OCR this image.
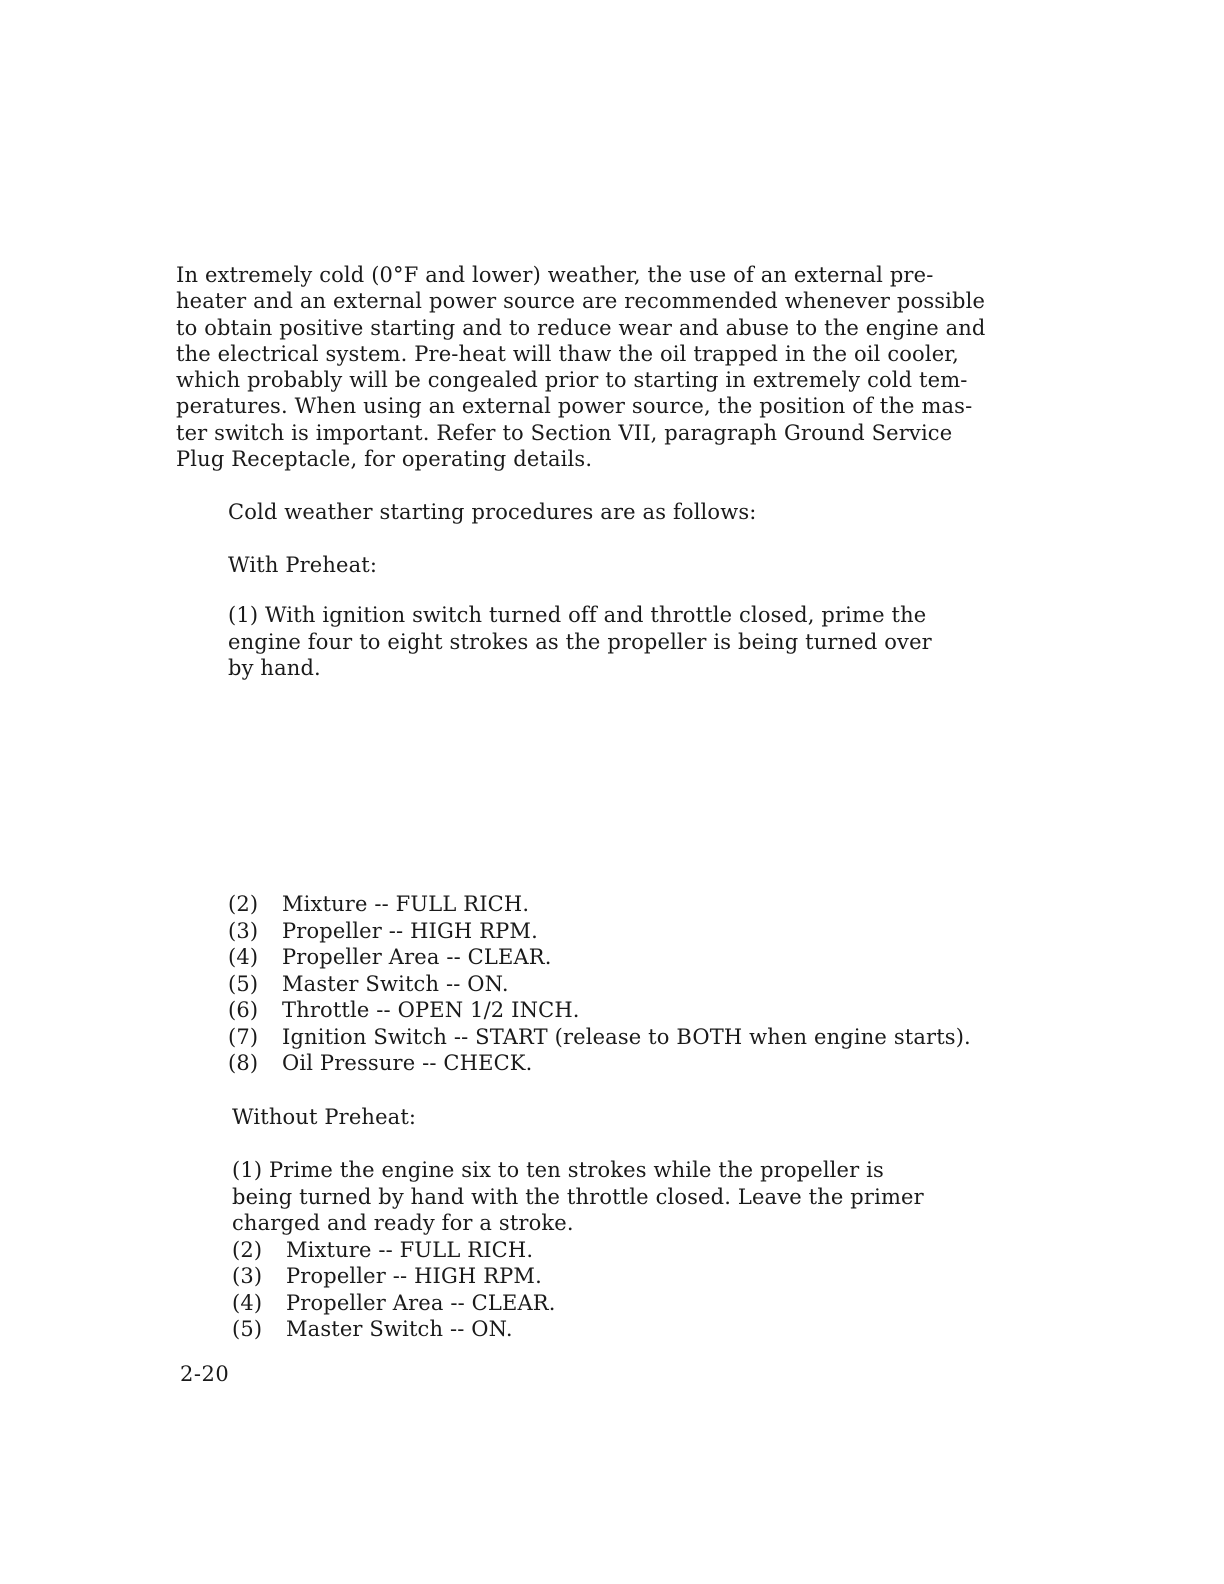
In extremely cold (0°F and lower) weather, the use of an external pre-
heater and an external power source are recommended whenever possible
to obtain positive starting and to reduce wear and abuse to the engine and
the electrical system. Pre-heat will thaw the oil trapped in the oil cooler,
which probably will be congealed prior to starting in extremely cold tem-
peratures. When using an external power source, the position of the mas-
ter switch is important. Refer to Section VII, paragraph Ground Service
Plug Receptacle, for operating details.
Cold weather starting procedures are as follows:
With Preheat:
(1) With ignition switch turned off and throttle closed, prime the
engine four to eight strokes as the propeller is being turned over
by hand.
(2) Mixture -- FULL RICH.
(3) Propeller -- HIGH RPM.
(4) Propeller Area -- CLEAR.
(5) Master Switch -- ON.
(6) Throttle -- OPEN 1/2 INCH.
(7) Ignition Switch -- START (release to BOTH when engine starts).
(8) Oil Pressure -- CHECK.
Without Preheat:
(1) Prime the engine six to ten strokes while the propeller is
being turned by hand with the throttle closed. Leave the primer
charged and ready for a stroke.
(2) Mixture -- FULL RICH.
(3) Propeller -- HIGH RPM.
(4) Propeller Area -- CLEAR.
(5) Master Switch -- ON.
2-20
